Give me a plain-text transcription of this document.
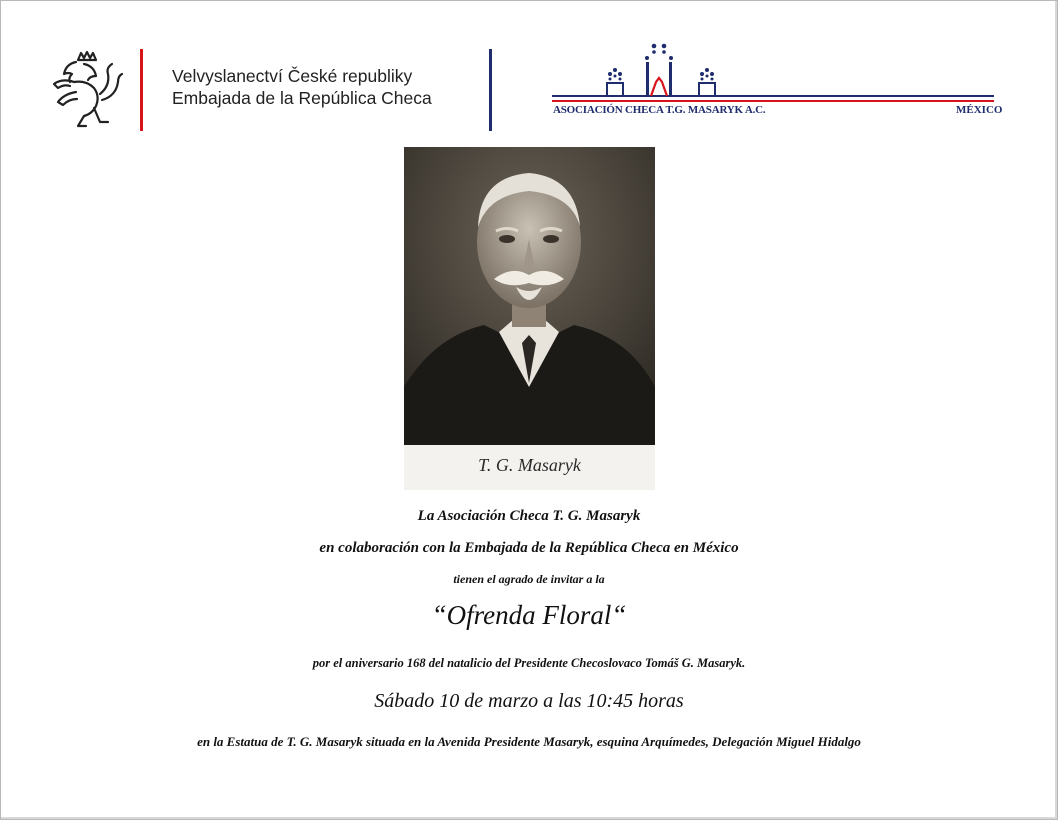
Velvyslanectví České republiky
Embajada de la República Checa
ASOCIACIÓN CHECA T.G. MASARYK A.C.	MÉXICO
T. G. Masaryk
La Asociación Checa T. G. Masaryk
en colaboración con la Embajada de la República Checa en México
tienen el agrado de invitar a la
“Ofrenda Floral“
por el aniversario 168 del natalicio del Presidente Checoslovaco Tomáš G. Masaryk.
Sábado 10 de marzo a las 10:45 horas
en la Estatua de T. G. Masaryk situada en la Avenida Presidente Masaryk, esquina Arquímedes, Delegación Miguel Hidalgo
